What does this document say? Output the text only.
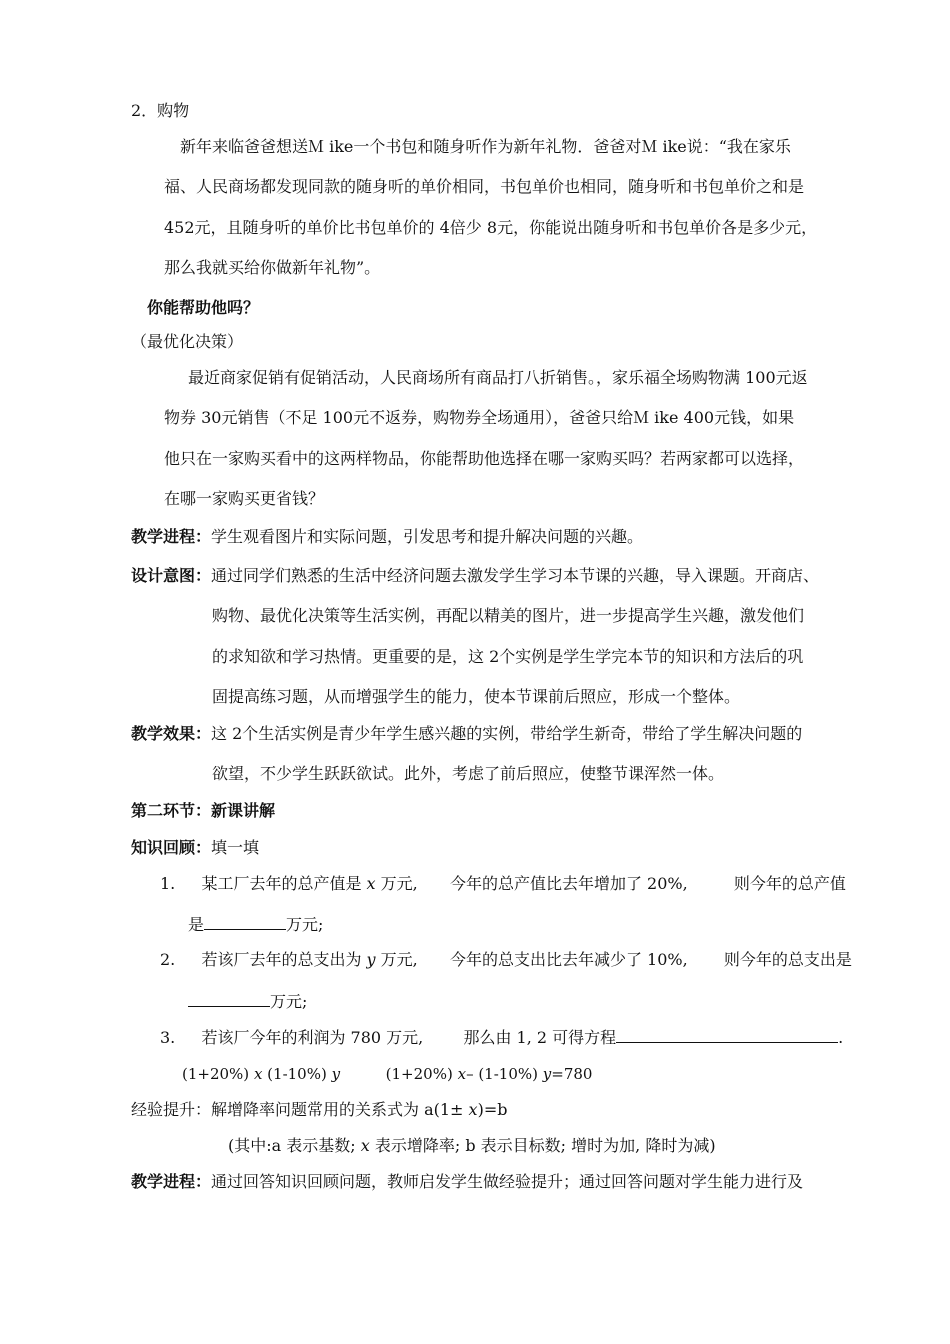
2．购物
新年来临爸爸想送Ｍ ike一个书包和随身听作为新年礼物．爸爸对Ｍ ike说：“我在家乐
福、人民商场都发现同款的随身听的单价相同，书包单价也相同，随身听和书包单价之和是
452元，且随身听的单价比书包单价的 4倍少 8元，你能说出随身听和书包单价各是多少元，
那么我就买给你做新年礼物”。
你能帮助他吗？
（最优化决策）
最近商家促销有促销活动，人民商场所有商品打八折销售。，家乐福全场购物满 100元返
物券 30元销售（不足 100元不返券，购物券全场通用），爸爸只给Ｍ ike 400元钱，如果
他只在一家购买看中的这两样物品，你能帮助他选择在哪一家购买吗？若两家都可以选择，
在哪一家购买更省钱？
教学进程：学生观看图片和实际问题，引发思考和提升解决问题的兴趣。
设计意图：通过同学们熟悉的生活中经济问题去激发学生学习本节课的兴趣，导入课题。开商店、
购物、最优化决策等生活实例，再配以精美的图片，进一步提高学生兴趣，激发他们
的求知欲和学习热情。更重要的是，这 2个实例是学生学完本节的知识和方法后的巩
固提高练习题，从而增强学生的能力，使本节课前后照应，形成一个整体。
教学效果：这 2个生活实例是青少年学生感兴趣的实例，带给学生新奇，带给了学生解决问题的
欲望，不少学生跃跃欲试。此外，考虑了前后照应，使整节课浑然一体。
第二环节：新课讲解
知识回顾：填一填
1. 某工厂去年的总产值是 x 万元, 今年的总产值比去年增加了 20%,	则今年的总产值
是	万元;
2. 若该厂去年的总支出为 y 万元, 今年的总支出比去年减少了 10%, 则今年的总支出是
万元;
3. 若该厂今年的利润为 780 万元,	那么由 1, 2 可得方程	.
(1+20%) x (1-10%) y	(1+20%) x– (1-10%) y=780
经验提升：解增降率问题常用的关系式为 a(1± x)=b
(其中:a 表示基数; x 表示增降率; b 表示目标数; 增时为加, 降时为减)
教学进程：通过回答知识回顾问题，教师启发学生做经验提升；通过回答问题对学生能力进行及
